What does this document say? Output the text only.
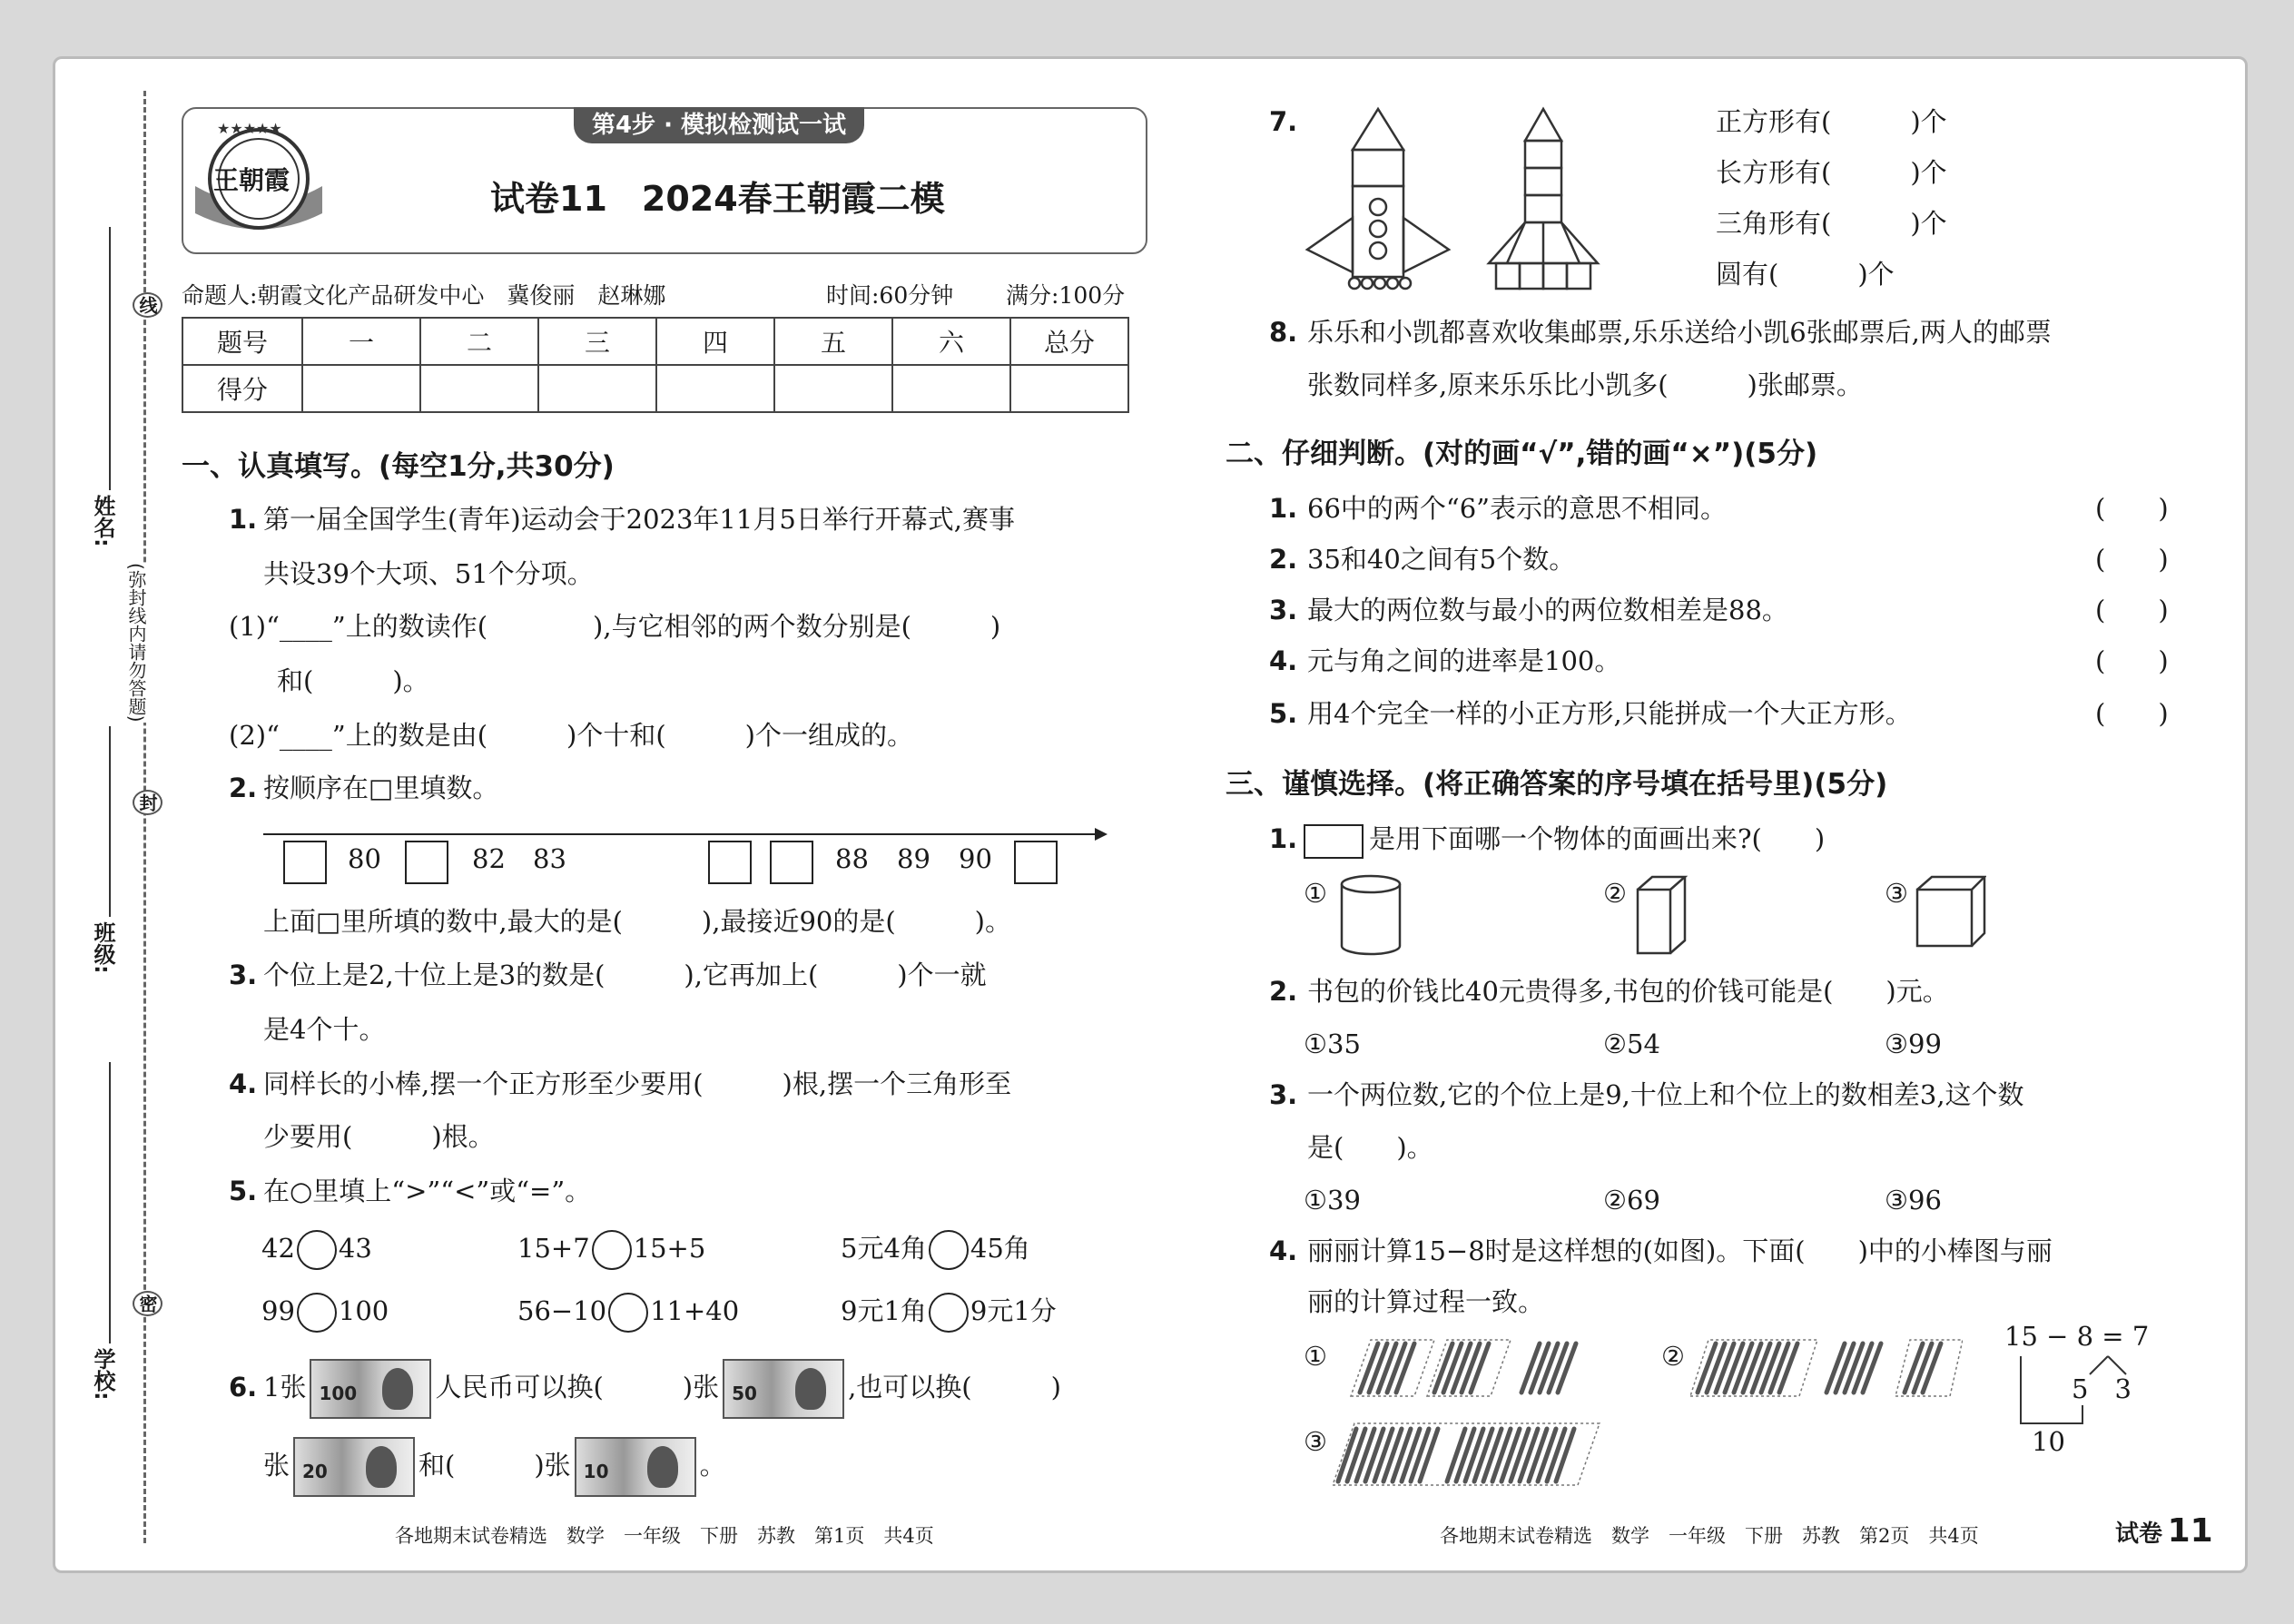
姓名:
班级:
学校:
线
封
密
(弥封线内请勿答题)
★★★★★
王朝霞
第4步 · 模拟检测试一试
试卷11　2024春王朝霞二模
命题人:朝霞文化产品研发中心　冀俊丽　赵琳娜	时间:60分钟 满分:100分
题号	一	二	三	四	五	六	总分
得分							
一、认真填写。(每空1分,共30分)
1. 第一届全国学生(青年)运动会于2023年11月5日举行开幕式,赛事
共设39个大项、51个分项。
(1)“____”上的数读作(　　　　),与它相邻的两个数分别是(　　　)
和(　　　)。
(2)“____”上的数是由(　　　)个十和(　　　)个一组成的。
2. 按顺序在□里填数。
80	82 83	88 89 90
上面□里所填的数中,最大的是(　　　),最接近90的是(　　　)。
3. 个位上是2,十位上是3的数是(　　　),它再加上(　　　)个一就
是4个十。
4. 同样长的小棒,摆一个正方形至少要用(　　　)根,摆一个三角形至
少要用(　　　)根。
5. 在○里填上“>”“<”或“=”。
42 43	15+7 15+5	5元4角 45角
99 100	56−10 11+40	9元1角 9元1分
6. 1张 100	人民币可以换(　　　)张 50	,也可以换(　　　)
张 20	和(　　　)张 10	。
各地期末试卷精选　数学　一年级　下册　苏教　第1页　共4页
7.	正方形有(　　　)个
长方形有(　　　)个
三角形有(　　　)个
圆有(　　　)个
8. 乐乐和小凯都喜欢收集邮票,乐乐送给小凯6张邮票后,两人的邮票
张数同样多,原来乐乐比小凯多(　　　)张邮票。
二、仔细判断。(对的画“√”,错的画“×”)(5分)
1. 66中的两个“6”表示的意思不相同。	(　　)
2. 35和40之间有5个数。	(　　)
3. 最大的两位数与最小的两位数相差是88。	(　　)
4. 元与角之间的进率是100。	(　　)
5. 用4个完全一样的小正方形,只能拼成一个大正方形。	(　　)
三、谨慎选择。(将正确答案的序号填在括号里)(5分)
1.	是用下面哪一个物体的面画出来?(　　)
①	②	③
2. 书包的价钱比40元贵得多,书包的价钱可能是(　　)元。
①35	②54	③99
3. 一个两位数,它的个位上是9,十位上和个位上的数相差3,这个数
是(　　)。
①39	②69	③96
4. 丽丽计算15−8时是这样想的(如图)。下面(　　)中的小棒图与丽
丽的计算过程一致。
①	②
③
15 − 8 = 7
5　3
10
各地期末试卷精选　数学　一年级　下册　苏教　第2页　共4页	试卷 11
